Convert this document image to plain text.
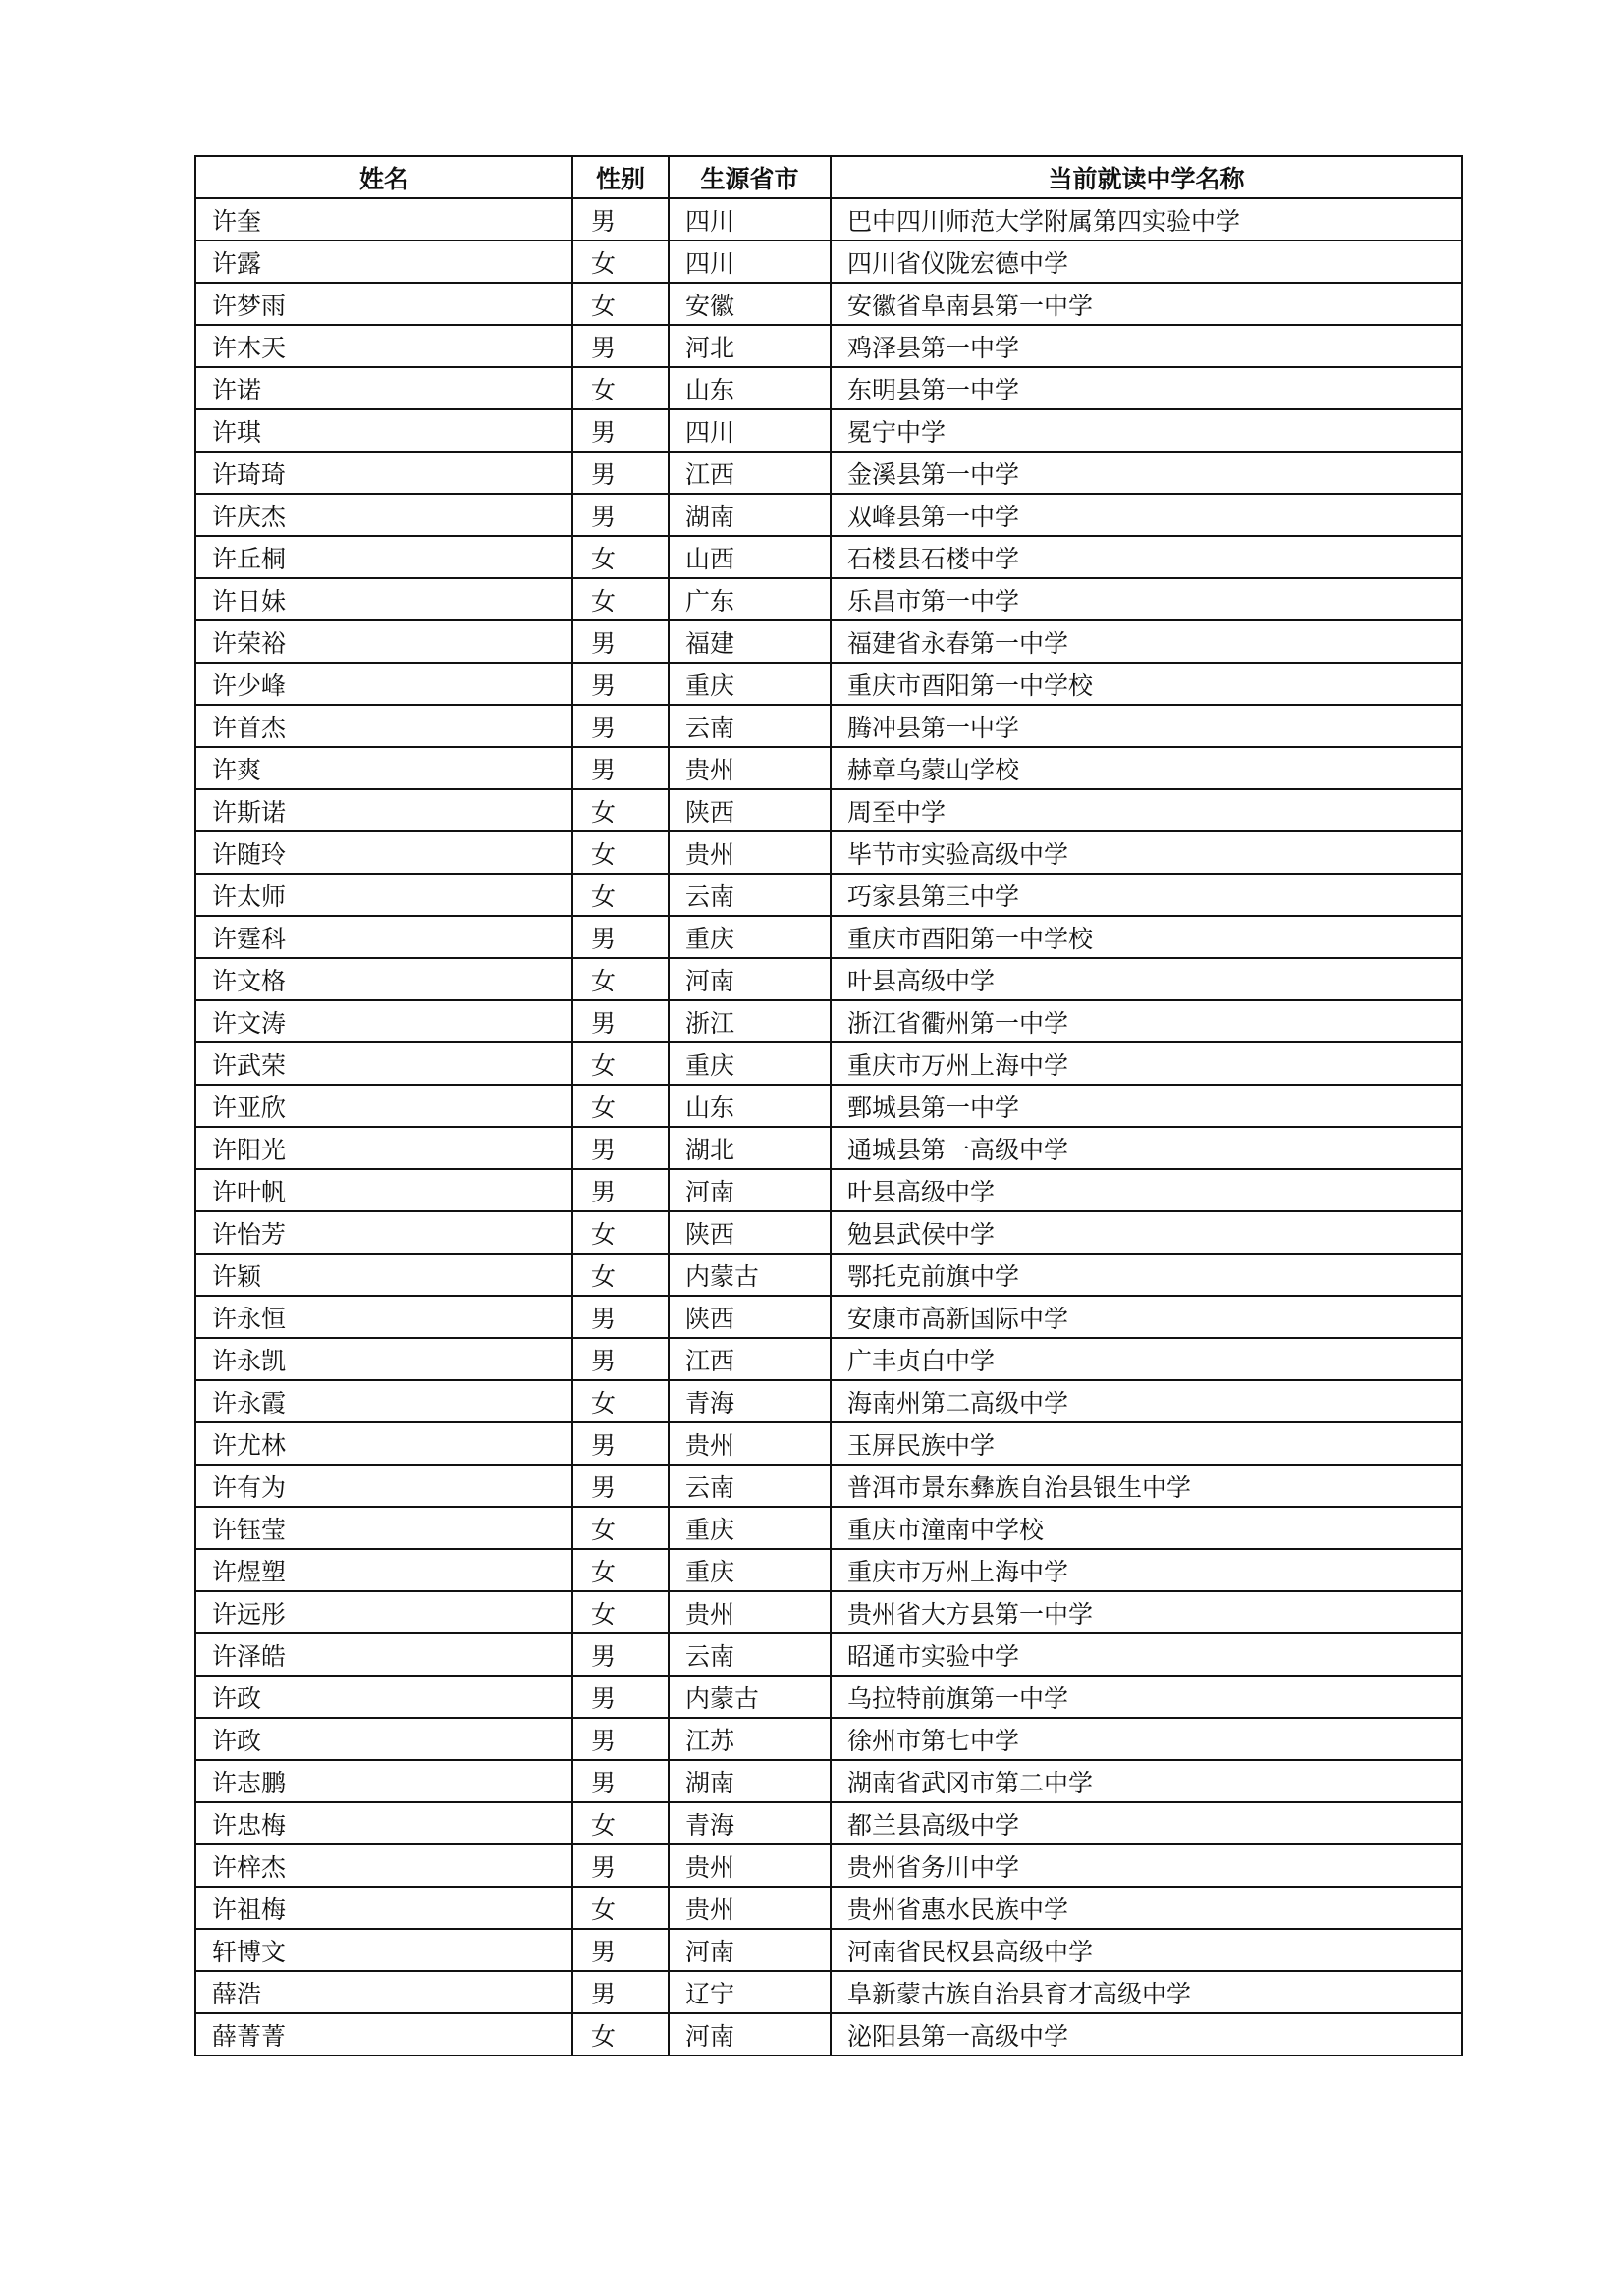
姓名	性别	生源省市	当前就读中学名称
许奎	男	四川	巴中四川师范大学附属第四实验中学
许露	女	四川	四川省仪陇宏德中学
许梦雨	女	安徽	安徽省阜南县第一中学
许木天	男	河北	鸡泽县第一中学
许诺	女	山东	东明县第一中学
许琪	男	四川	冕宁中学
许琦琦	男	江西	金溪县第一中学
许庆杰	男	湖南	双峰县第一中学
许丘桐	女	山西	石楼县石楼中学
许日妹	女	广东	乐昌市第一中学
许荣裕	男	福建	福建省永春第一中学
许少峰	男	重庆	重庆市酉阳第一中学校
许首杰	男	云南	腾冲县第一中学
许爽	男	贵州	赫章乌蒙山学校
许斯诺	女	陕西	周至中学
许随玲	女	贵州	毕节市实验高级中学
许太师	女	云南	巧家县第三中学
许霆科	男	重庆	重庆市酉阳第一中学校
许文格	女	河南	叶县高级中学
许文涛	男	浙江	浙江省衢州第一中学
许武荣	女	重庆	重庆市万州上海中学
许亚欣	女	山东	鄄城县第一中学
许阳光	男	湖北	通城县第一高级中学
许叶帆	男	河南	叶县高级中学
许怡芳	女	陕西	勉县武侯中学
许颖	女	内蒙古	鄂托克前旗中学
许永恒	男	陕西	安康市高新国际中学
许永凯	男	江西	广丰贞白中学
许永霞	女	青海	海南州第二高级中学
许尤林	男	贵州	玉屏民族中学
许有为	男	云南	普洱市景东彝族自治县银生中学
许钰莹	女	重庆	重庆市潼南中学校
许煜塑	女	重庆	重庆市万州上海中学
许远彤	女	贵州	贵州省大方县第一中学
许泽皓	男	云南	昭通市实验中学
许政	男	内蒙古	乌拉特前旗第一中学
许政	男	江苏	徐州市第七中学
许志鹏	男	湖南	湖南省武冈市第二中学
许忠梅	女	青海	都兰县高级中学
许梓杰	男	贵州	贵州省务川中学
许祖梅	女	贵州	贵州省惠水民族中学
轩博文	男	河南	河南省民权县高级中学
薛浩	男	辽宁	阜新蒙古族自治县育才高级中学
薛菁菁	女	河南	泌阳县第一高级中学
